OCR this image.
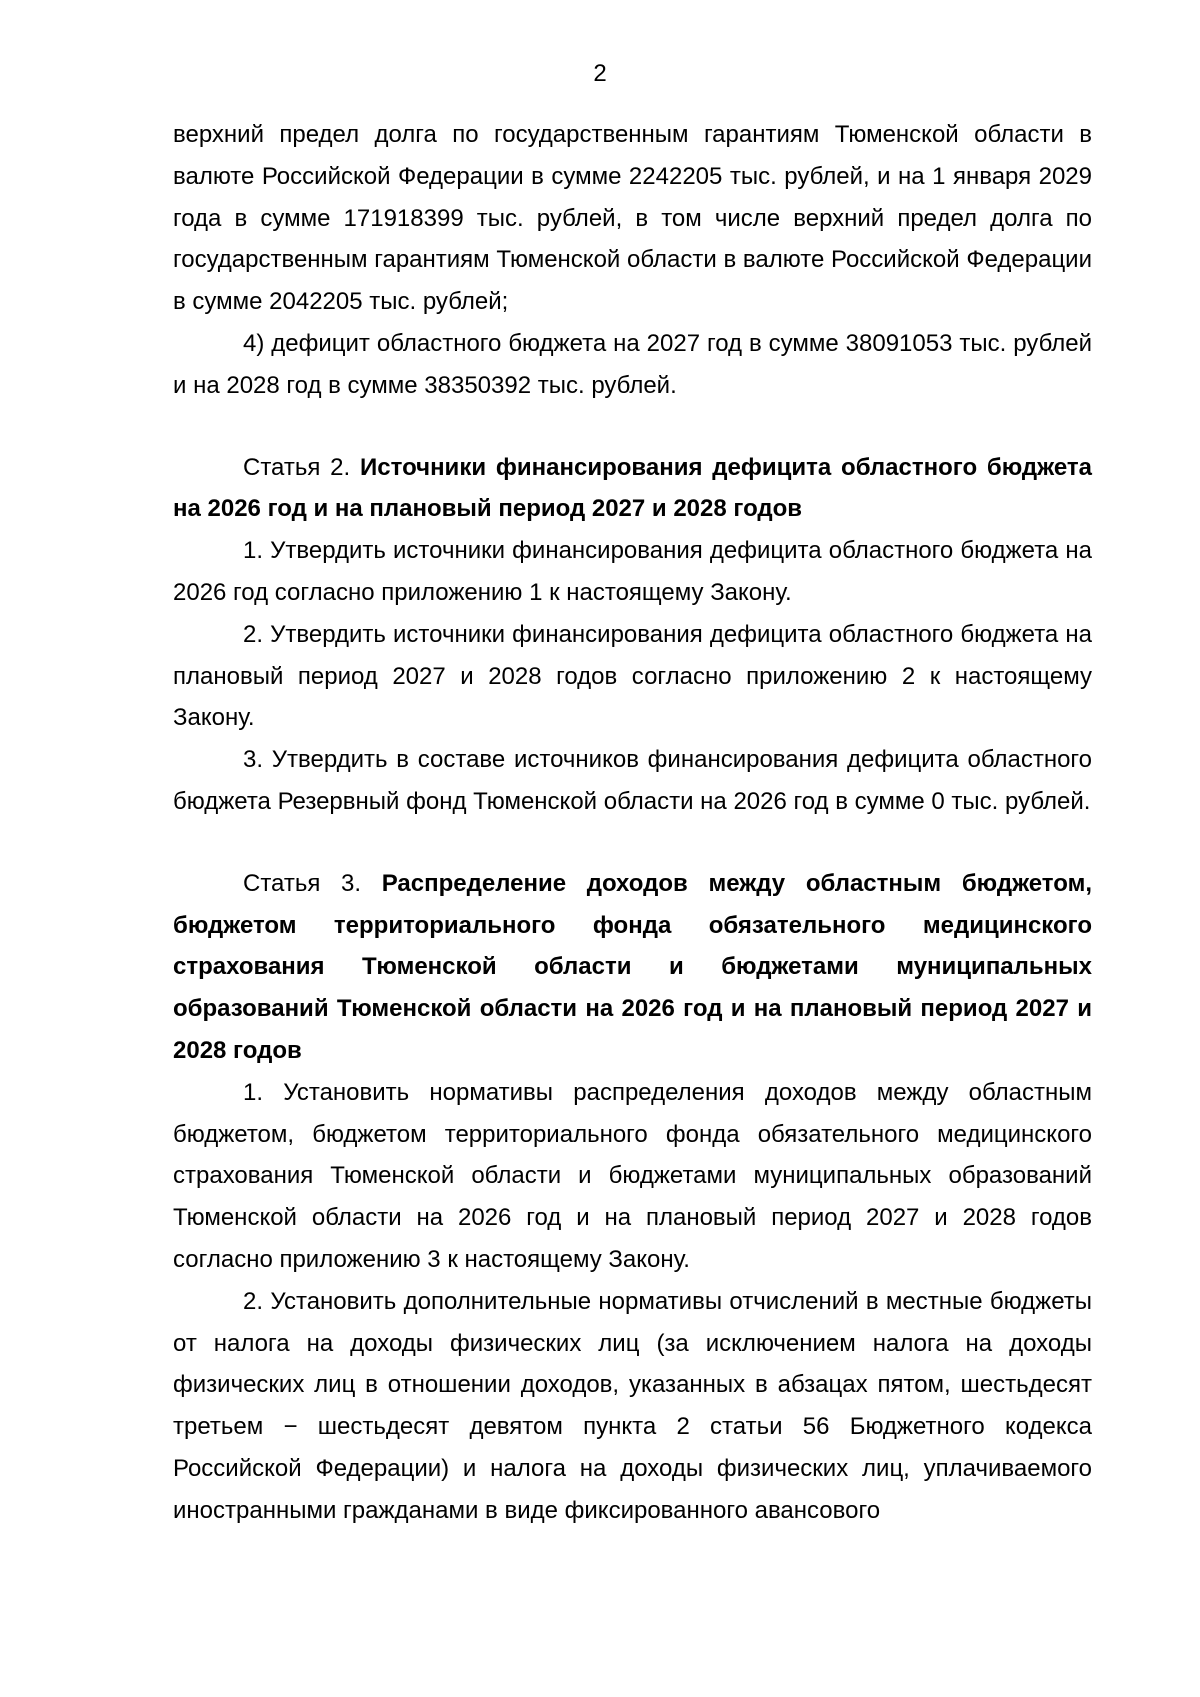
2

верхний предел долга по государственным гарантиям Тюменской области в валюте Российской Федерации в сумме 2242205 тыс. рублей, и на 1 января 2029 года в сумме 171918399 тыс. рублей, в том числе верхний предел долга по государственным гарантиям Тюменской области в валюте Российской Федерации в сумме 2042205 тыс. рублей;

4) дефицит областного бюджета на 2027 год в сумме 38091053 тыс. рублей и на 2028 год в сумме 38350392 тыс. рублей.

Статья 2. Источники финансирования дефицита областного бюджета на 2026 год и на плановый период 2027 и 2028 годов

1. Утвердить источники финансирования дефицита областного бюджета на 2026 год согласно приложению 1 к настоящему Закону.

2. Утвердить источники финансирования дефицита областного бюджета на плановый период 2027 и 2028 годов согласно приложению 2 к настоящему Закону.

3. Утвердить в составе источников финансирования дефицита областного бюджета Резервный фонд Тюменской области на 2026 год в сумме 0 тыс. рублей.

Статья 3. Распределение доходов между областным бюджетом, бюджетом территориального фонда обязательного медицинского страхования Тюменской области и бюджетами муниципальных образований Тюменской области на 2026 год и на плановый период 2027 и 2028 годов

1. Установить нормативы распределения доходов между областным бюджетом, бюджетом территориального фонда обязательного медицинского страхования Тюменской области и бюджетами муниципальных образований Тюменской области на 2026 год и на плановый период 2027 и 2028 годов согласно приложению 3 к настоящему Закону.

2. Установить дополнительные нормативы отчислений в местные бюджеты от налога на доходы физических лиц (за исключением налога на доходы физических лиц в отношении доходов, указанных в абзацах пятом, шестьдесят третьем − шестьдесят девятом пункта 2 статьи 56 Бюджетного кодекса Российской Федерации) и налога на доходы физических лиц, уплачиваемого иностранными гражданами в виде фиксированного авансового
